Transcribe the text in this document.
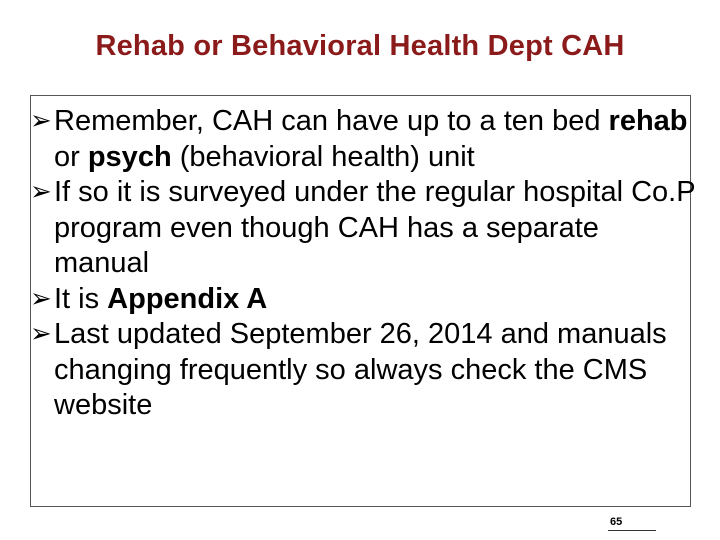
Rehab or Behavioral Health Dept CAH
➢ Remember, CAH can have up to a ten bed rehab or psych (behavioral health) unit
➢ If so it is surveyed under the regular hospital Co.P program even though CAH has a separate manual
➢ It is Appendix A
➢ Last updated September 26, 2014 and manuals changing frequently so always check the CMS website
65
